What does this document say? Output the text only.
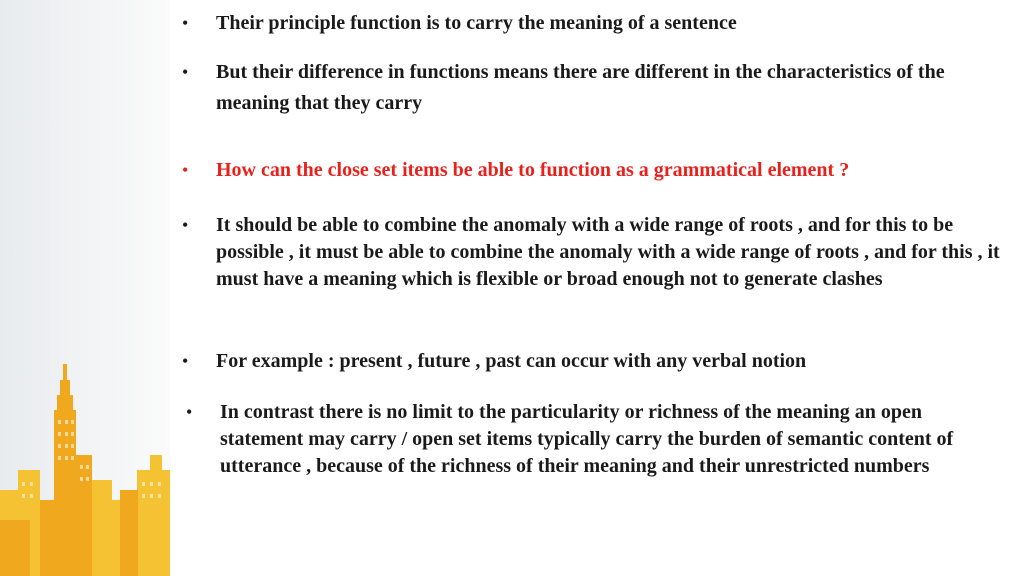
• Their principle function is to carry the meaning of a sentence
• But their difference in functions means there are different in the characteristics of the meaning that they carry
• How can the close set items be able to function as a grammatical element ?
• It should be able to combine the anomaly with a wide range of roots , and for this to be possible , it must be able to combine the anomaly with a wide range of roots , and for this , it must have a meaning which is flexible or broad enough not to generate clashes
• For example : present , future , past can occur with any verbal notion
• In contrast there is no limit to the particularity or richness of the meaning an open statement may carry / open set items typically carry the burden of semantic content of utterance , because of the richness of their meaning and their unrestricted numbers
